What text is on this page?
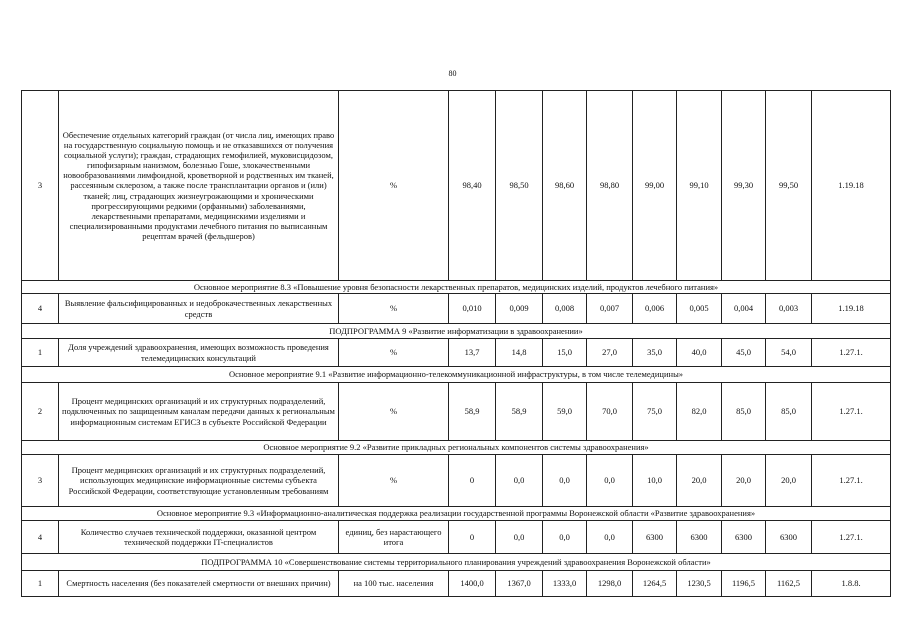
80
3	Обеспечение отдельных категорий граждан (от числа лиц, имеющих право на государственную социальную помощь и не отказавшихся от получения социальной услуги); граждан, страдающих гемофилией, муковисцидозом, гипофизарным нанизмом, болезнью Гоше, злокачественными новообразованиями лимфоидной, кроветворной и родственных им тканей, рассеянным склерозом, а также после трансплантации органов и (или) тканей; лиц, страдающих жизнеугрожающими и хроническими прогрессирующими редкими (орфанными) заболеваниями, лекарственными препаратами, медицинскими изделиями и специализированными продуктами лечебного питания по выписанным рецептам врачей (фельдшеров)	%	98,40	98,50	98,60	98,80	99,00	99,10	99,30	99,50	1.19.18
Основное мероприятие 8.3 «Повышение уровня безопасности лекарственных препаратов, медицинских изделий, продуктов лечебного питания»											
4	Выявление фальсифицированных и недоброкачественных лекарственных средств	%	0,010	0,009	0,008	0,007	0,006	0,005	0,004	0,003	1.19.18
ПОДПРОГРАММА 9 «Развитие информатизации в здравоохранении»											
1	Доля учреждений здравоохранения, имеющих возможность проведения телемедицинских консультаций	%	13,7	14,8	15,0	27,0	35,0	40,0	45,0	54,0	1.27.1.
Основное мероприятие 9.1 «Развитие информационно-телекоммуникационной инфраструктуры, в том числе телемедицины»											
2	Процент медицинских организаций и их структурных подразделений, подключенных по защищенным каналам передачи данных к региональным информационным системам ЕГИСЗ в субъекте Российской Федерации	%	58,9	58,9	59,0	70,0	75,0	82,0	85,0	85,0	1.27.1.
Основное мероприятие 9.2 «Развитие прикладных региональных компонентов системы здравоохранения»											
3	Процент медицинских организаций и их структурных подразделений, использующих медицинские информационные системы субъекта Российской Федерации, соответствующие установленным требованиям	%	0	0,0	0,0	0,0	10,0	20,0	20,0	20,0	1.27.1.
Основное мероприятие 9.3 «Информационно-аналитическая поддержка реализации государственной программы Воронежской области «Развитие здравоохранения»											
4	Количество случаев технической поддержки, оказанной центром технической поддержки IT-специалистов	единиц, без нарастающего итога	0	0,0	0,0	0,0	6300	6300	6300	6300	1.27.1.
ПОДПРОГРАММА 10 «Совершенствование системы территориального планирования учреждений здравоохранения Воронежской области»											
1	Смертность населения (без показателей смертности от внешних причин)	на 100 тыс. населения	1400,0	1367,0	1333,0	1298,0	1264,5	1230,5	1196,5	1162,5	1.8.8.
